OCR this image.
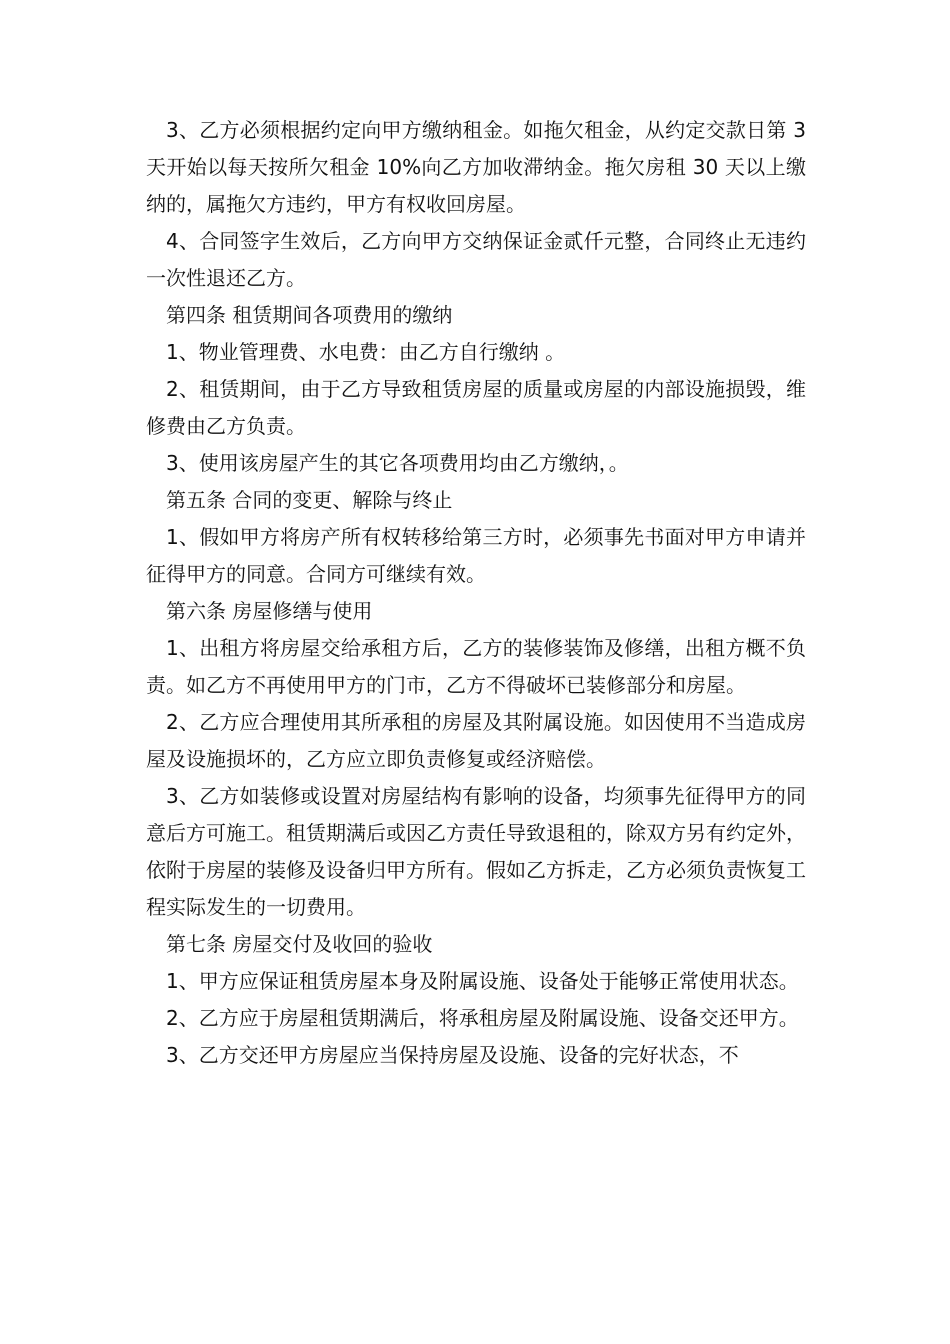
3、乙方必须根据约定向甲方缴纳租金。如拖欠租金，从约定交款日第 3 天开始以每天按所欠租金 10%向乙方加收滞纳金。拖欠房租 30 天以上缴纳的，属拖欠方违约，甲方有权收回房屋。

4、合同签字生效后，乙方向甲方交纳保证金贰仟元整，合同终止无违约一次性退还乙方。

第四条 租赁期间各项费用的缴纳

1、物业管理费、水电费：由乙方自行缴纳 。

2、租赁期间，由于乙方导致租赁房屋的质量或房屋的内部设施损毁，维修费由乙方负责。

3、使用该房屋产生的其它各项费用均由乙方缴纳，。

第五条 合同的变更、解除与终止

1、假如甲方将房产所有权转移给第三方时，必须事先书面对甲方申请并征得甲方的同意。合同方可继续有效。

第六条 房屋修缮与使用

1、出租方将房屋交给承租方后，乙方的装修装饰及修缮，出租方概不负责。如乙方不再使用甲方的门市，乙方不得破坏已装修部分和房屋。

2、乙方应合理使用其所承租的房屋及其附属设施。如因使用不当造成房屋及设施损坏的，乙方应立即负责修复或经济赔偿。

3、乙方如装修或设置对房屋结构有影响的设备，均须事先征得甲方的同意后方可施工。租赁期满后或因乙方责任导致退租的，除双方另有约定外，依附于房屋的装修及设备归甲方所有。假如乙方拆走，乙方必须负责恢复工程实际发生的一切费用。

第七条 房屋交付及收回的验收

1、甲方应保证租赁房屋本身及附属设施、设备处于能够正常使用状态。

2、乙方应于房屋租赁期满后，将承租房屋及附属设施、设备交还甲方。

3、乙方交还甲方房屋应当保持房屋及设施、设备的完好状态，不
